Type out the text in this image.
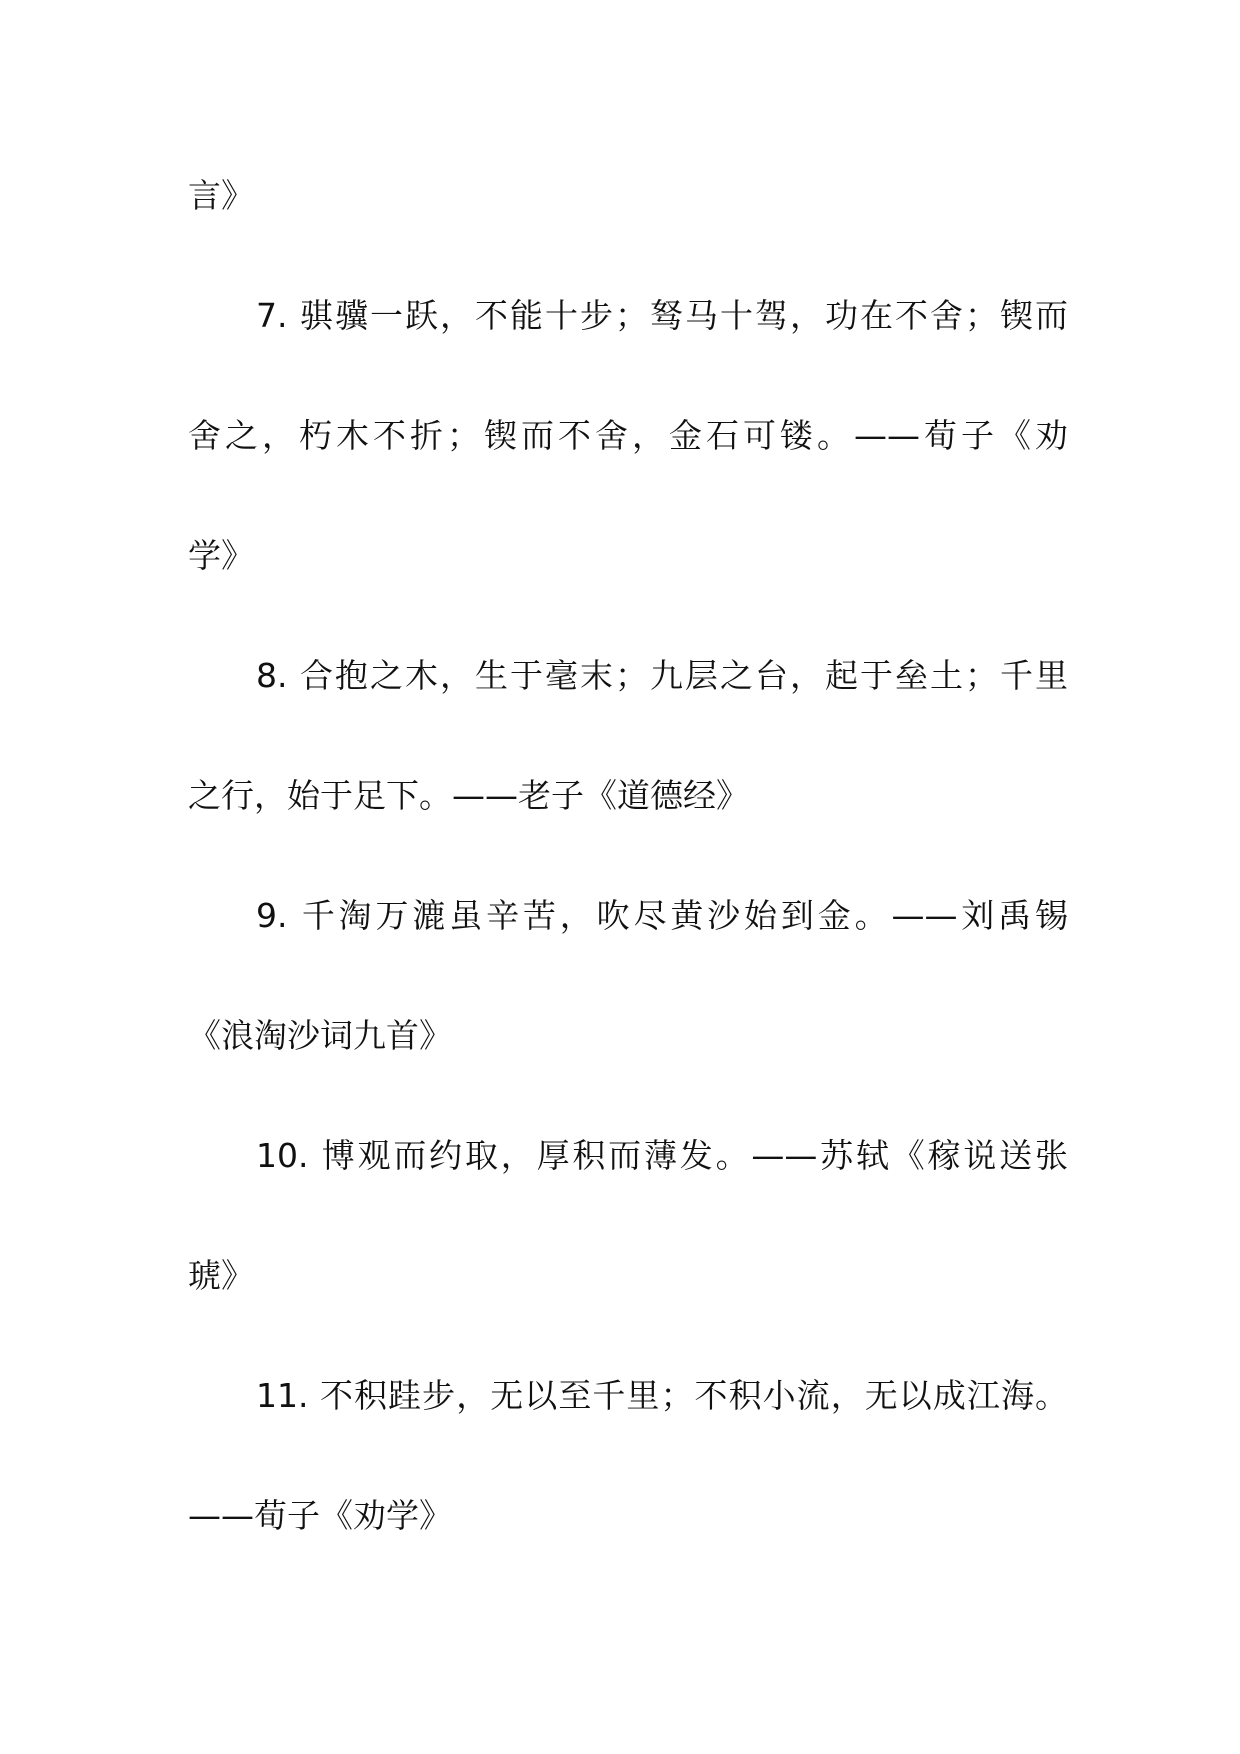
言》
7. 骐骥一跃，不能十步；驽马十驾，功在不舍；锲而
舍之，朽木不折；锲而不舍，金石可镂。——荀子《劝
学》
8. 合抱之木，生于毫末；九层之台，起于垒土；千里
之行，始于足下。——老子《道德经》
9. 千淘万漉虽辛苦，吹尽黄沙始到金。——刘禹锡
《浪淘沙词九首》
10. 博观而约取，厚积而薄发。——苏轼《稼说送张
琥》
11. 不积跬步，无以至千里；不积小流，无以成江海。
——荀子《劝学》
